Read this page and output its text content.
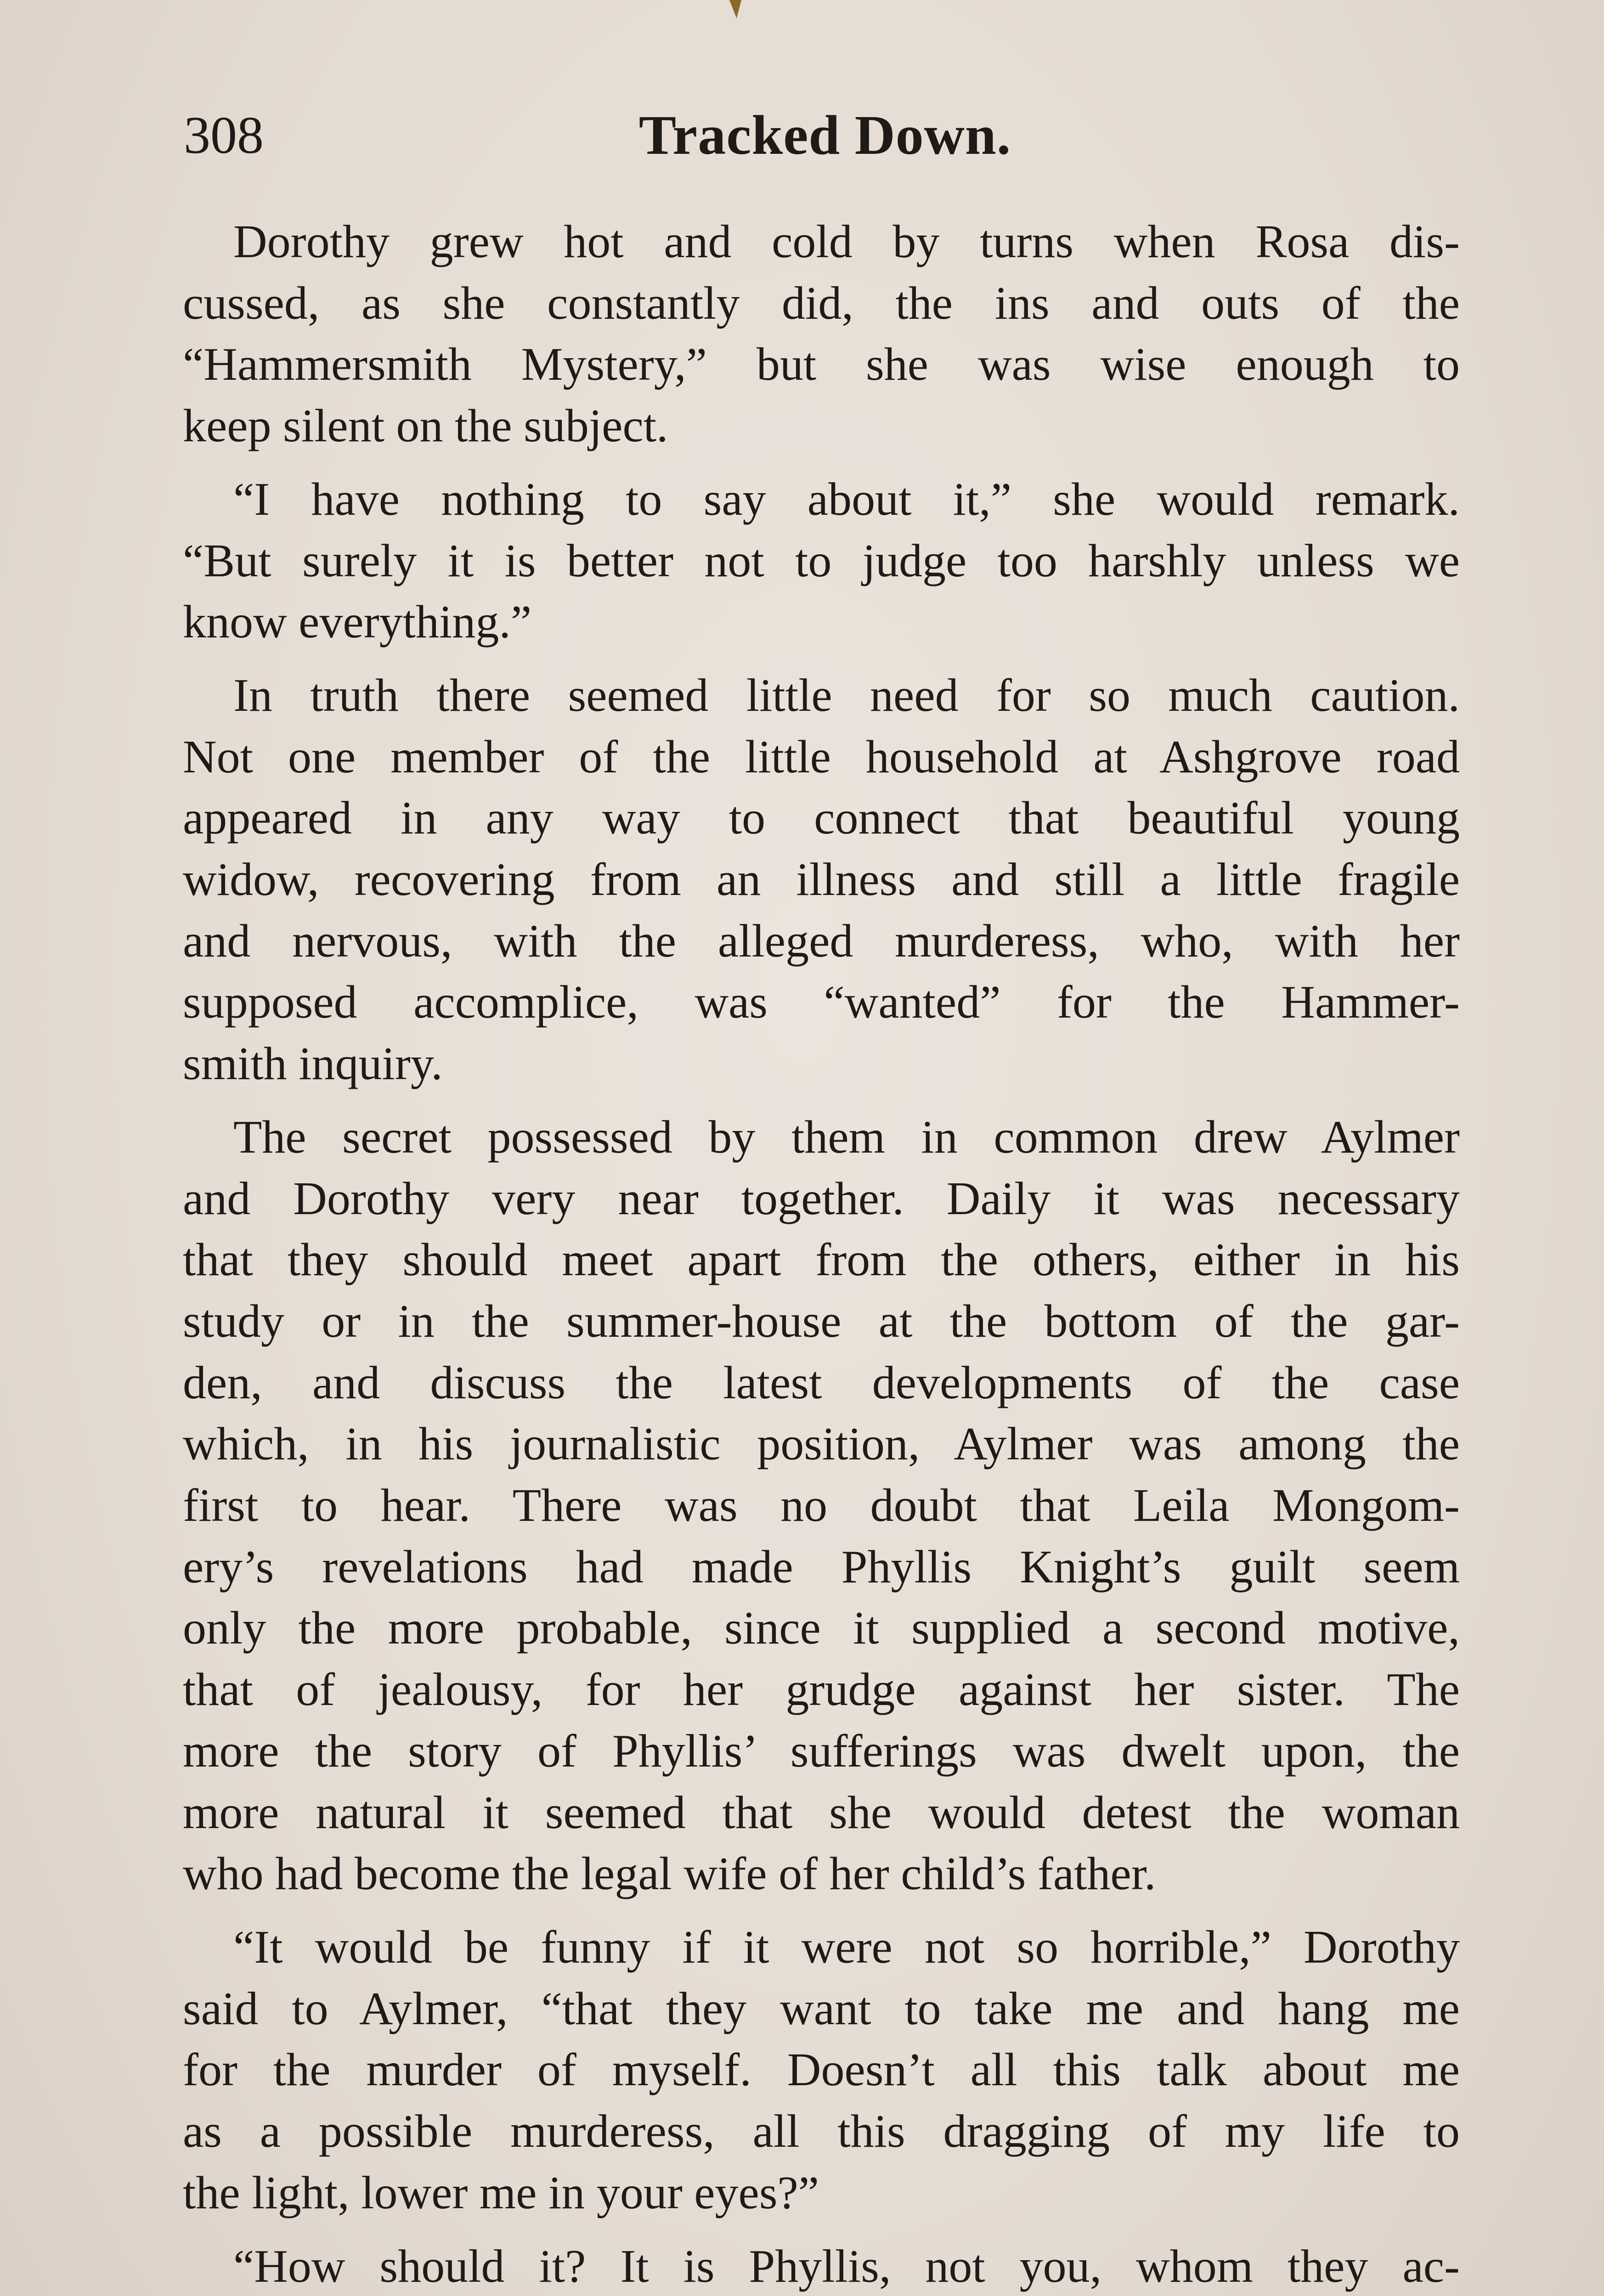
308	Tracked Down.
Dorothy grew hot and cold by turns when Rosa dis-
cussed, as she constantly did, the ins and outs of the
“Hammersmith Mystery,” but she was wise enough to
keep silent on the subject.
“I have nothing to say about it,” she would remark.
“But surely it is better not to judge too harshly unless we
know everything.”
In truth there seemed little need for so much caution.
Not one member of the little household at Ashgrove road
appeared in any way to connect that beautiful young
widow, recovering from an illness and still a little fragile
and nervous, with the alleged murderess, who, with her
supposed accomplice, was “wanted” for the Hammer-
smith inquiry.
The secret possessed by them in common drew Aylmer
and Dorothy very near together. Daily it was necessary
that they should meet apart from the others, either in his
study or in the summer-house at the bottom of the gar-
den, and discuss the latest developments of the case
which, in his journalistic position, Aylmer was among the
first to hear. There was no doubt that Leila Mongom-
ery’s revelations had made Phyllis Knight’s guilt seem
only the more probable, since it supplied a second motive,
that of jealousy, for her grudge against her sister. The
more the story of Phyllis’ sufferings was dwelt upon, the
more natural it seemed that she would detest the woman
who had become the legal wife of her child’s father.
“It would be funny if it were not so horrible,” Dorothy
said to Aylmer, “that they want to take me and hang me
for the murder of myself. Doesn’t all this talk about me
as a possible murderess, all this dragging of my life to
the light, lower me in your eyes?”
“How should it? It is Phyllis, not you, whom they ac-
